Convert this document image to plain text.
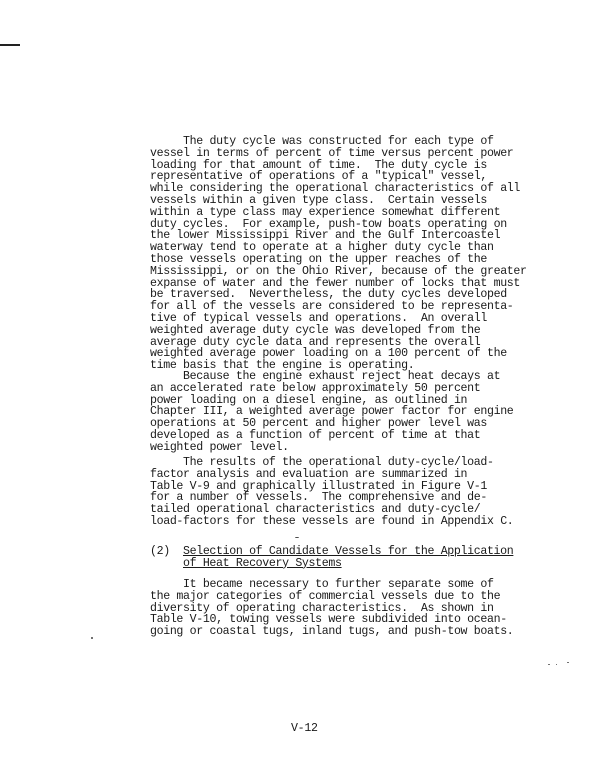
The duty cycle was constructed for each type of
vessel in terms of percent of time versus percent power
loading for that amount of time.  The duty cycle is
representative of operations of a "typical" vessel,
while considering the operational characteristics of all
vessels within a given type class.  Certain vessels
within a type class may experience somewhat different
duty cycles.  For example, push-tow boats operating on
the lower Mississippi River and the Gulf Intercoastel
waterway tend to operate at a higher duty cycle than
those vessels operating on the upper reaches of the
Mississippi, or on the Ohio River, because of the greater
expanse of water and the fewer number of locks that must
be traversed.  Nevertheless, the duty cycles developed
for all of the vessels are considered to be representa-
tive of typical vessels and operations.  An overall
weighted average duty cycle was developed from the
average duty cycle data and represents the overall
weighted average power loading on a 100 percent of the
time basis that the engine is operating.

Because the engine exhaust reject heat decays at
an accelerated rate below approximately 50 percent
power loading on a diesel engine, as outlined in
Chapter III, a weighted average power factor for engine
operations at 50 percent and higher power level was
developed as a function of percent of time at that
weighted power level.

The results of the operational duty-cycle/load-
factor analysis and evaluation are summarized in
Table V-9 and graphically illustrated in Figure V-1
for a number of vessels.  The comprehensive and de-
tailed operational characteristics and duty-cycle/
load-factors for these vessels are found in Appendix C.

(2)

Selection of Candidate Vessels for the Application
of Heat Recovery Systems

It became necessary to further separate some of
the major categories of commercial vessels due to the
diversity of operating characteristics.  As shown in
Table V-10, towing vessels were subdivided into ocean-
going or coastal tugs, inland tugs, and push-tow boats.

V-12
